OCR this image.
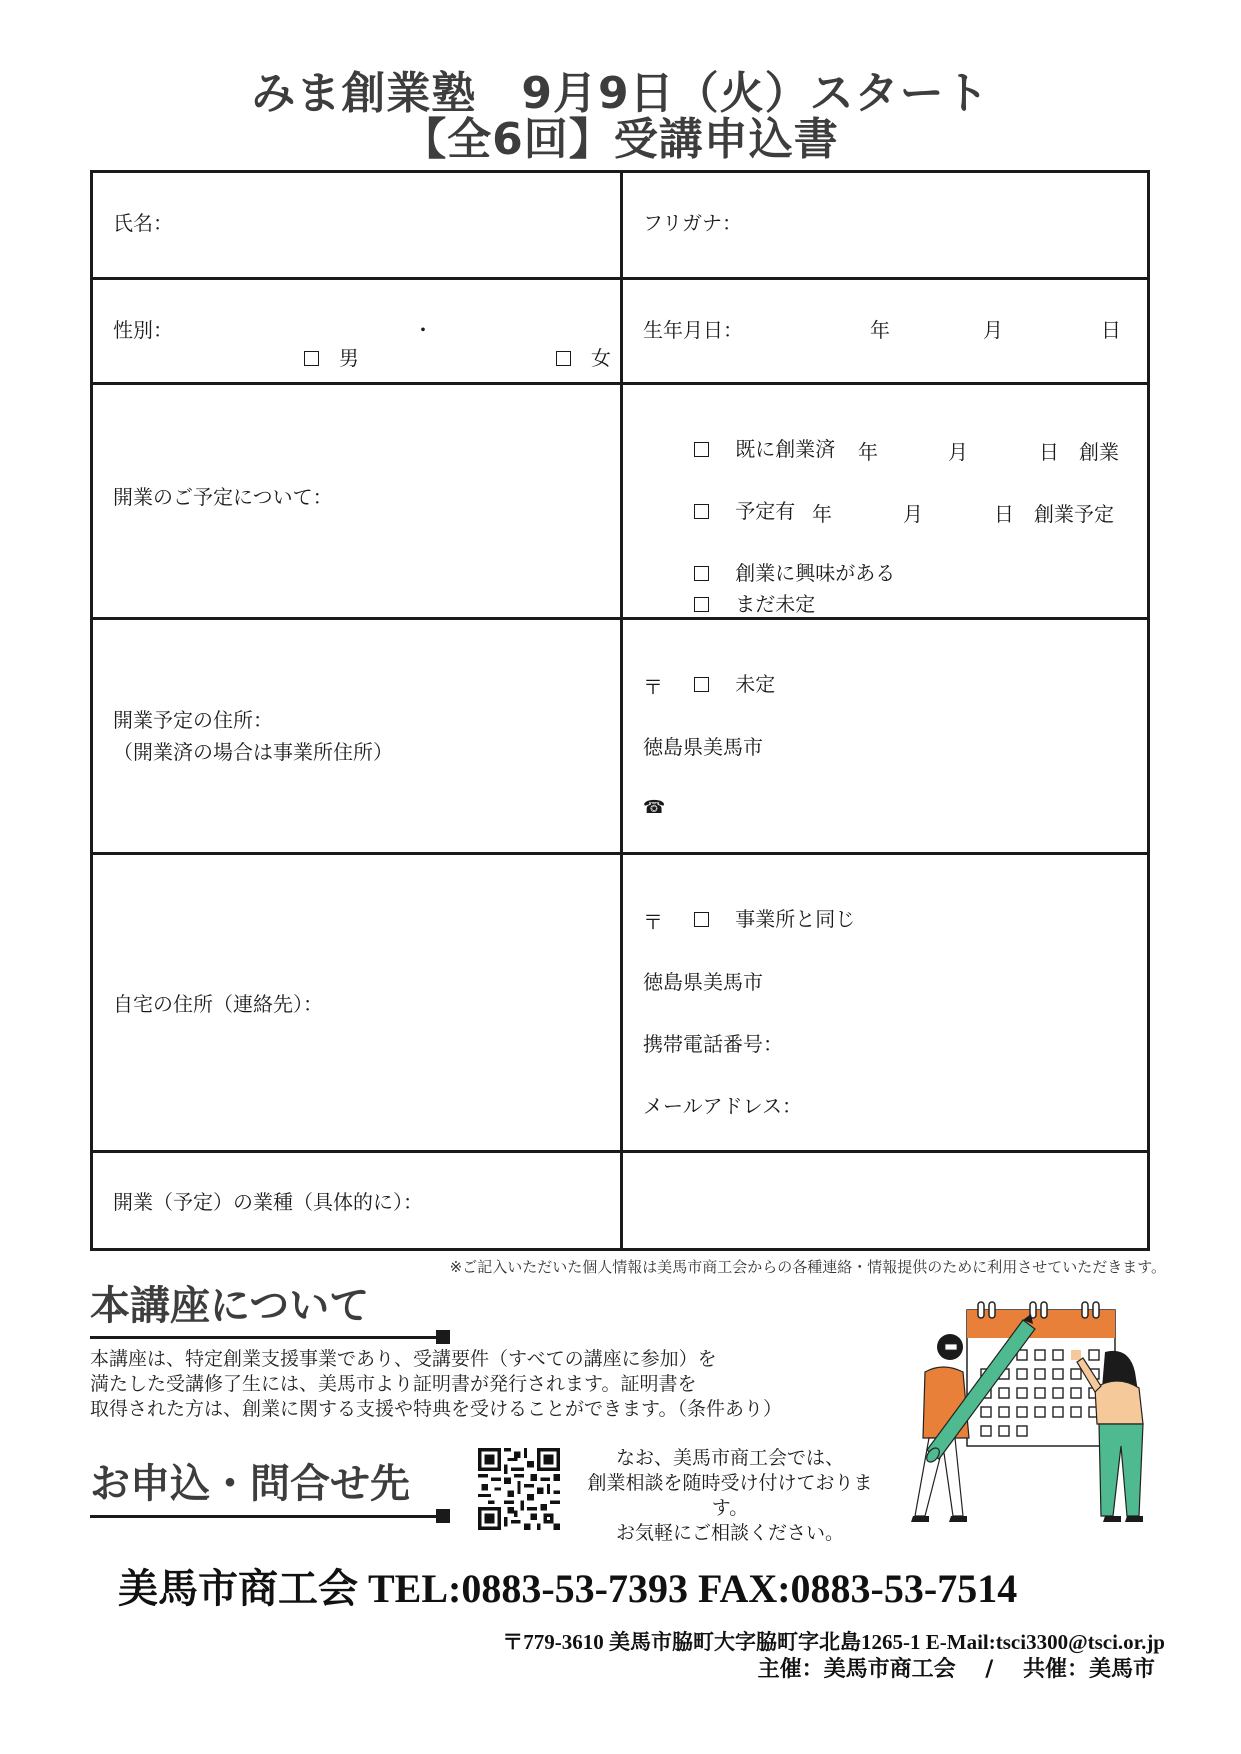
みま創業塾　9月9日（火）スタート
【全6回】受講申込書
氏名：	フリガナ：
性別：

　男

・

　女

生年月日：	年	月	日
開業のご予定について：

　 既に創業済
年	月	日　創業

　 予定有
年	月	日　創業予定

　 創業に興味がある

　 まだ未定

開業予定の住所：
（開業済の場合は事業所住所）

　 未定

〒
徳島県美馬市
☎
自宅の住所（連絡先）：

　 事業所と同じ

〒
徳島県美馬市
携帯電話番号：
メールアドレス：
開業（予定）の業種（具体的に）：
※ご記入いただいた個人情報は美馬市商工会からの各種連絡・情報提供のために利用させていただきます。
本講座について
本講座は、特定創業支援事業であり、受講要件（すべての講座に参加）を
満たした受講修了生には、美馬市より証明書が発行されます。証明書を
取得された方は、創業に関する支援や特典を受けることができます。（条件あり）
お申込・問合せ先
なお、美馬市商工会では、
創業相談を随時受け付けております。
お気軽にご相談ください。
美馬市商工会 TEL:0883-53-7393 FAX:0883-53-7514
〒779-3610 美馬市脇町大字脇町字北島1265-1 E-Mail:tsci3300@tsci.or.jp
主催：美馬市商工会　 /　 共催：美馬市
